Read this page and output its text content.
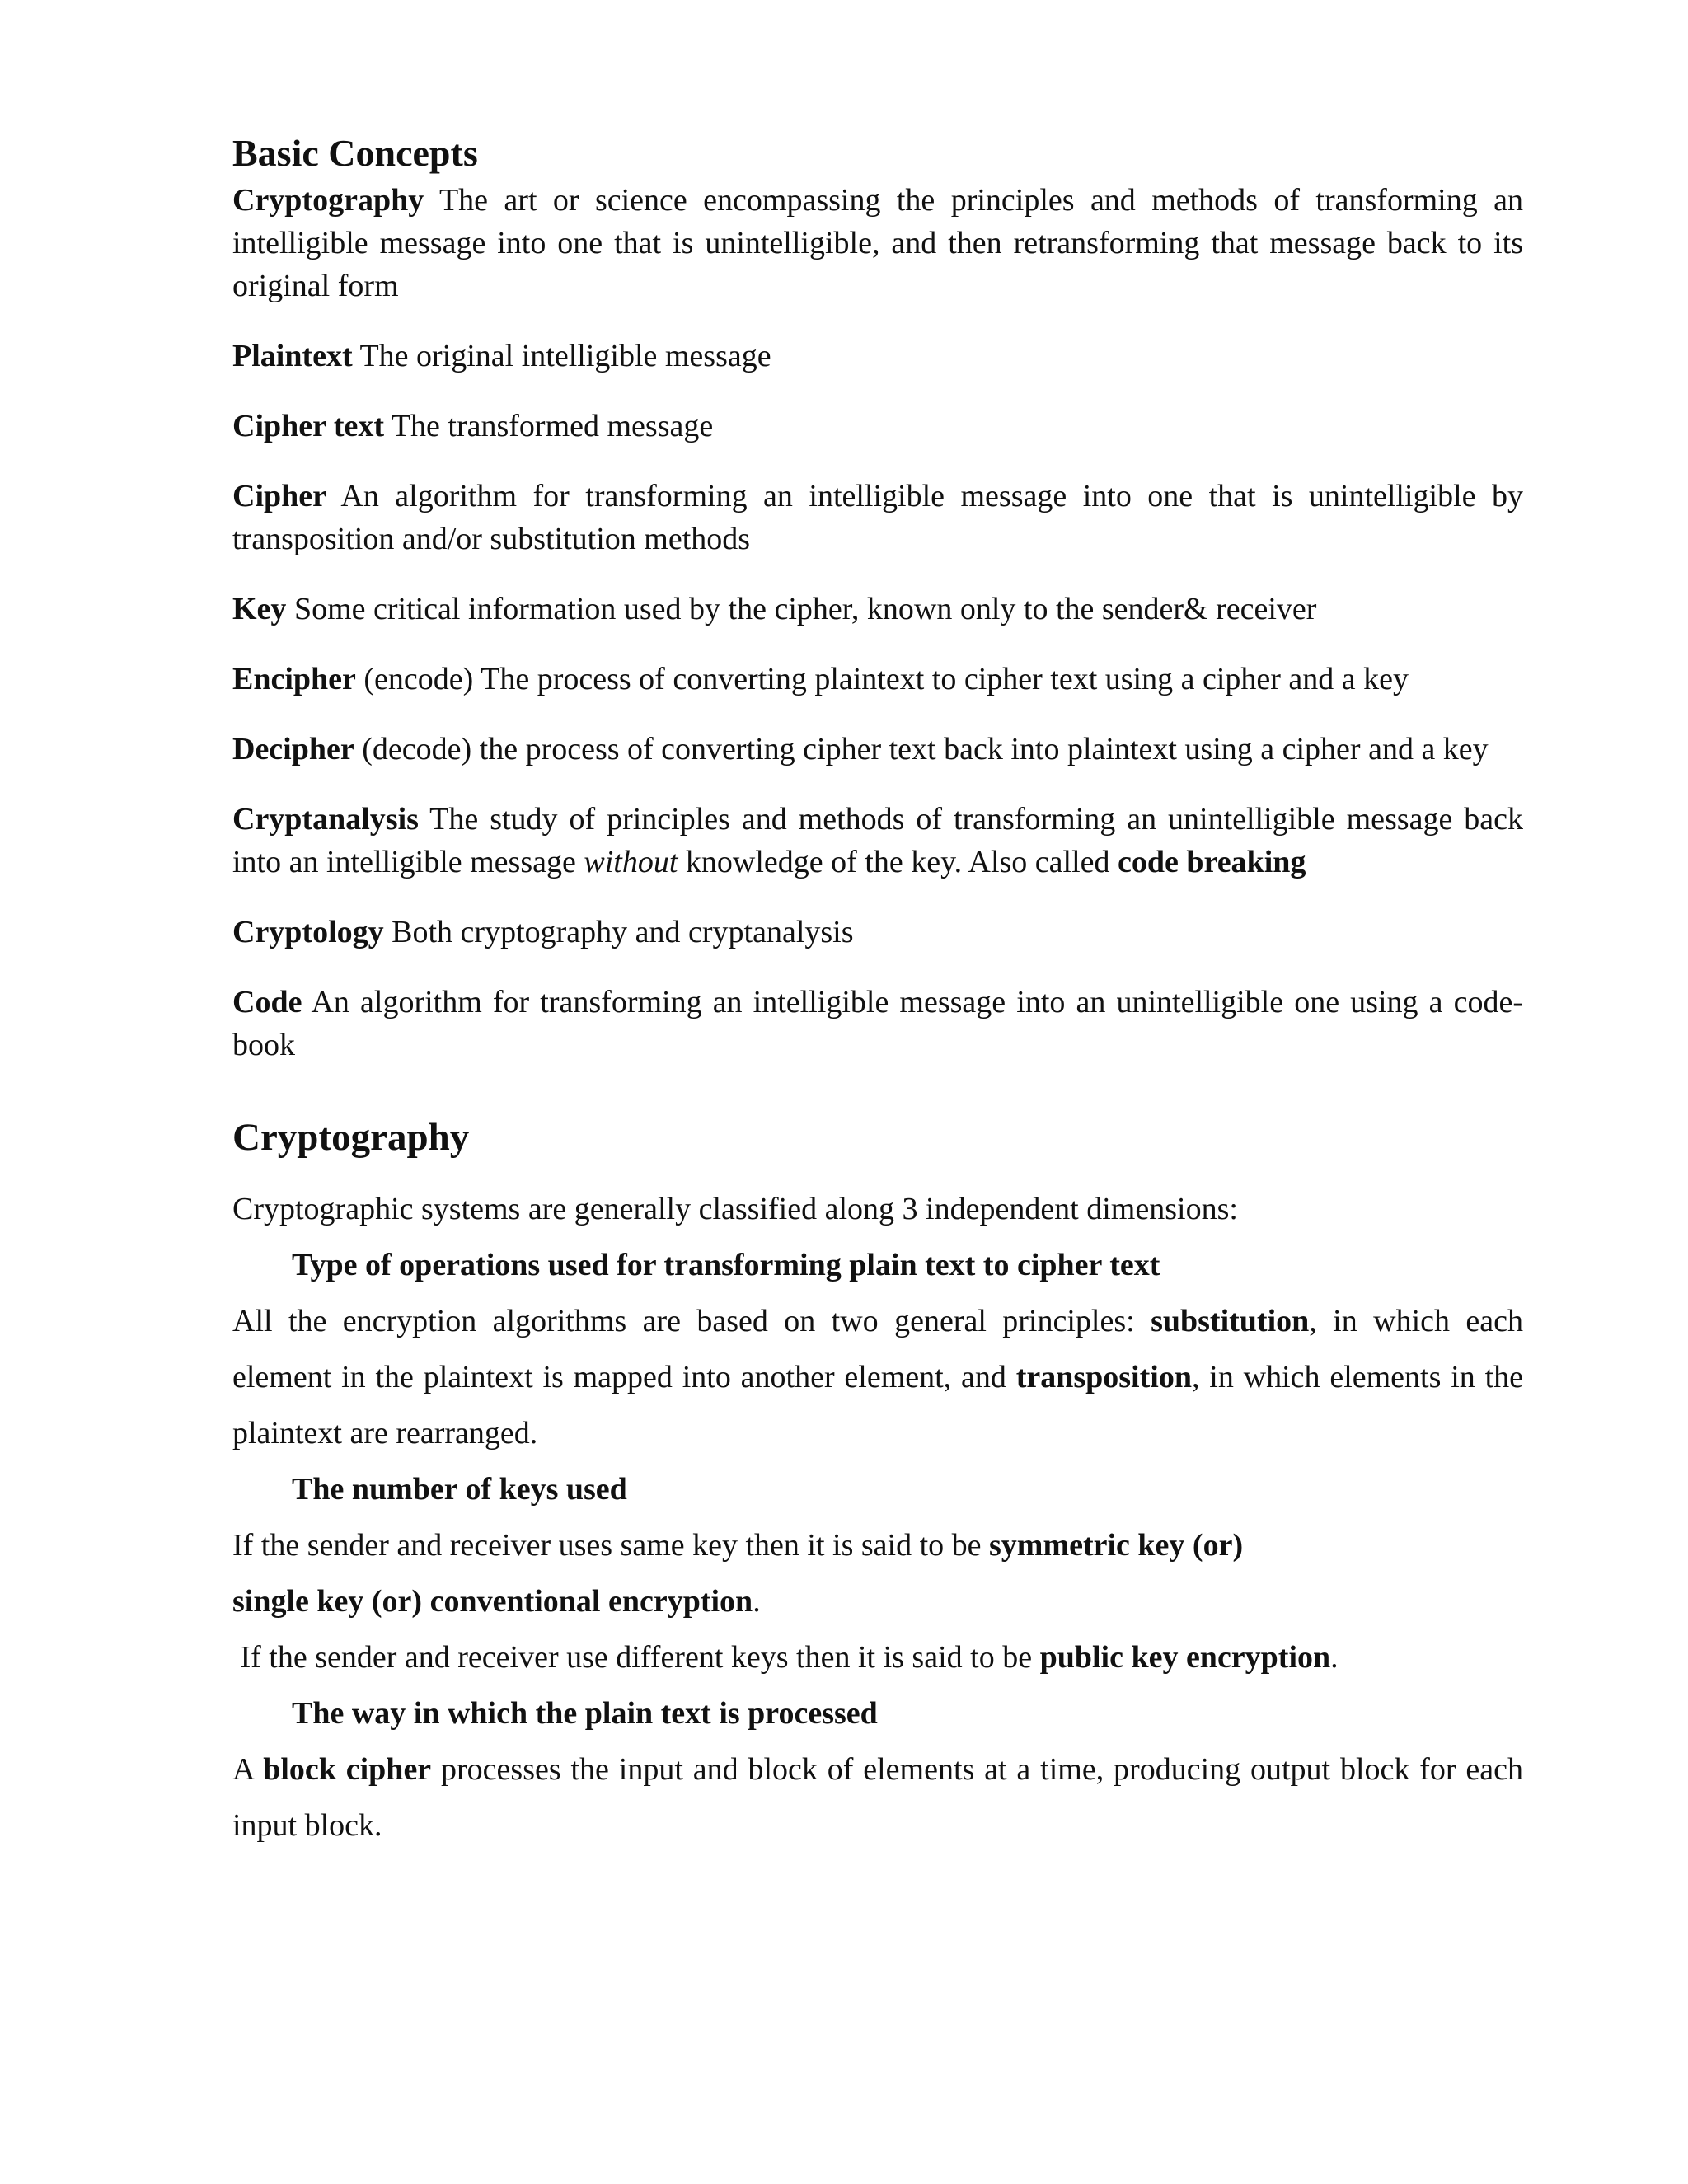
Basic Concepts

Cryptography The art or science encompassing the principles and methods of transforming an intelligible message into one that is unintelligible, and then retransforming that message back to its original form

Plaintext The original intelligible message

Cipher text The transformed message

Cipher An algorithm for transforming an intelligible message into one that is unintelligible by transposition and/or substitution methods

Key Some critical information used by the cipher, known only to the sender& receiver

Encipher (encode) The process of converting plaintext to cipher text using a cipher and a key

Decipher (decode) the process of converting cipher text back into plaintext using a cipher and a key

Cryptanalysis The study of principles and methods of transforming an unintelligible message back into an intelligible message without knowledge of the key. Also called code breaking

Cryptology Both cryptography and cryptanalysis

Code An algorithm for transforming an intelligible message into an unintelligible one using a code-book

Cryptography

Cryptographic systems are generally classified along 3 independent dimensions:

Type of operations used for transforming plain text to cipher text

All the encryption algorithms are based on two general principles: substitution, in which each element in the plaintext is mapped into another element, and transposition, in which elements in the plaintext are rearranged.

The number of keys used

If the sender and receiver uses same key then it is said to be symmetric key (or)
single key (or) conventional encryption.

If the sender and receiver use different keys then it is said to be public key encryption.

The way in which the plain text is processed

A block cipher processes the input and block of elements at a time, producing output block for each input block.
